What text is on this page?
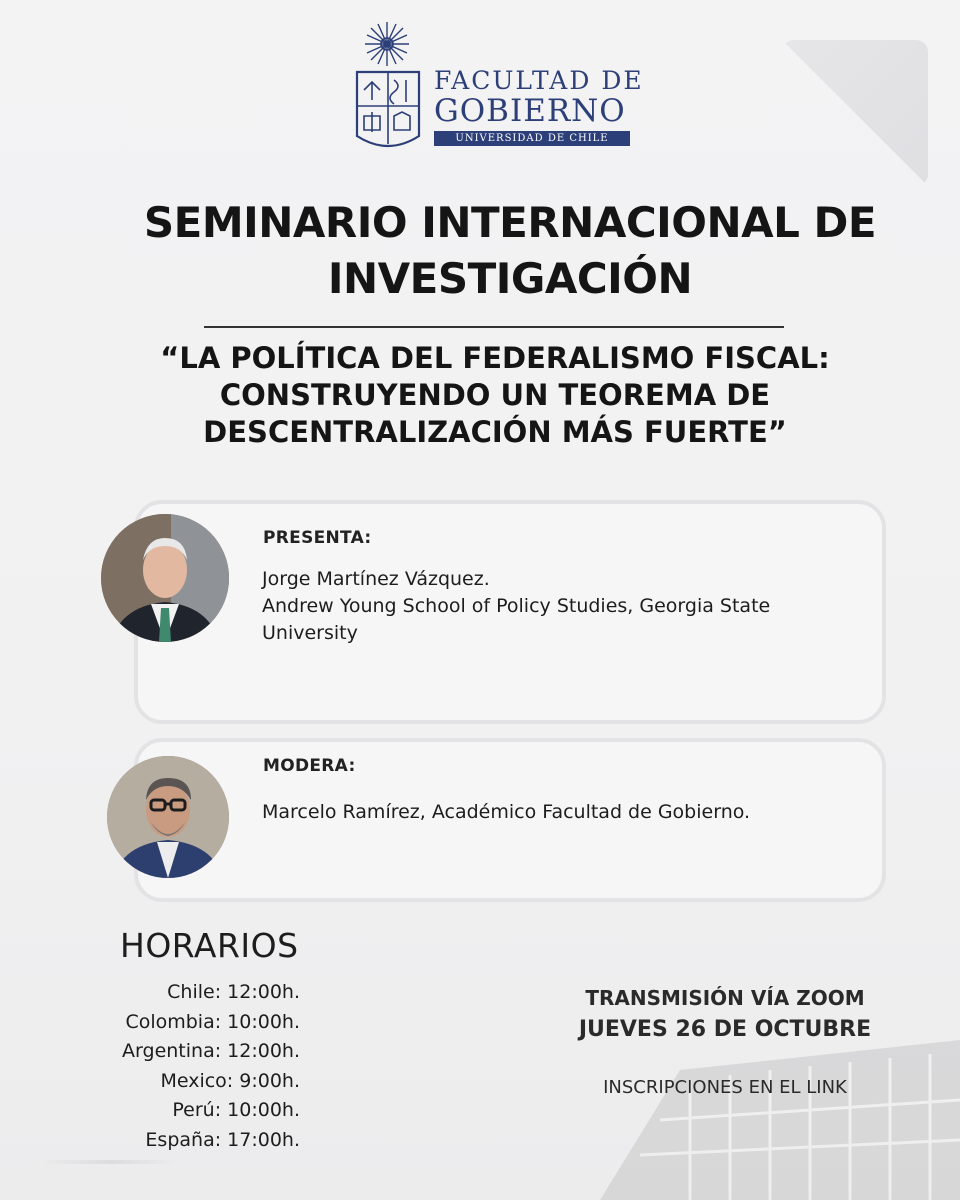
FACULTAD DE
GOBIERNO
UNIVERSIDAD DE CHILE
SEMINARIO INTERNACIONAL DE
INVESTIGACIÓN
“LA POLÍTICA DEL FEDERALISMO FISCAL:
CONSTRUYENDO UN TEOREMA DE
DESCENTRALIZACIÓN MÁS FUERTE”
PRESENTA:
Jorge Martínez Vázquez.
Andrew Young School of Policy Studies, Georgia State
University
MODERA:
Marcelo Ramírez, Académico Facultad de Gobierno.
HORARIOS
Chile: 12:00h.
Colombia: 10:00h.
Argentina: 12:00h.
Mexico: 9:00h.
Perú: 10:00h.
España: 17:00h.
TRANSMISIÓN VÍA ZOOM
JUEVES 26 DE OCTUBRE
INSCRIPCIONES EN EL LINK
